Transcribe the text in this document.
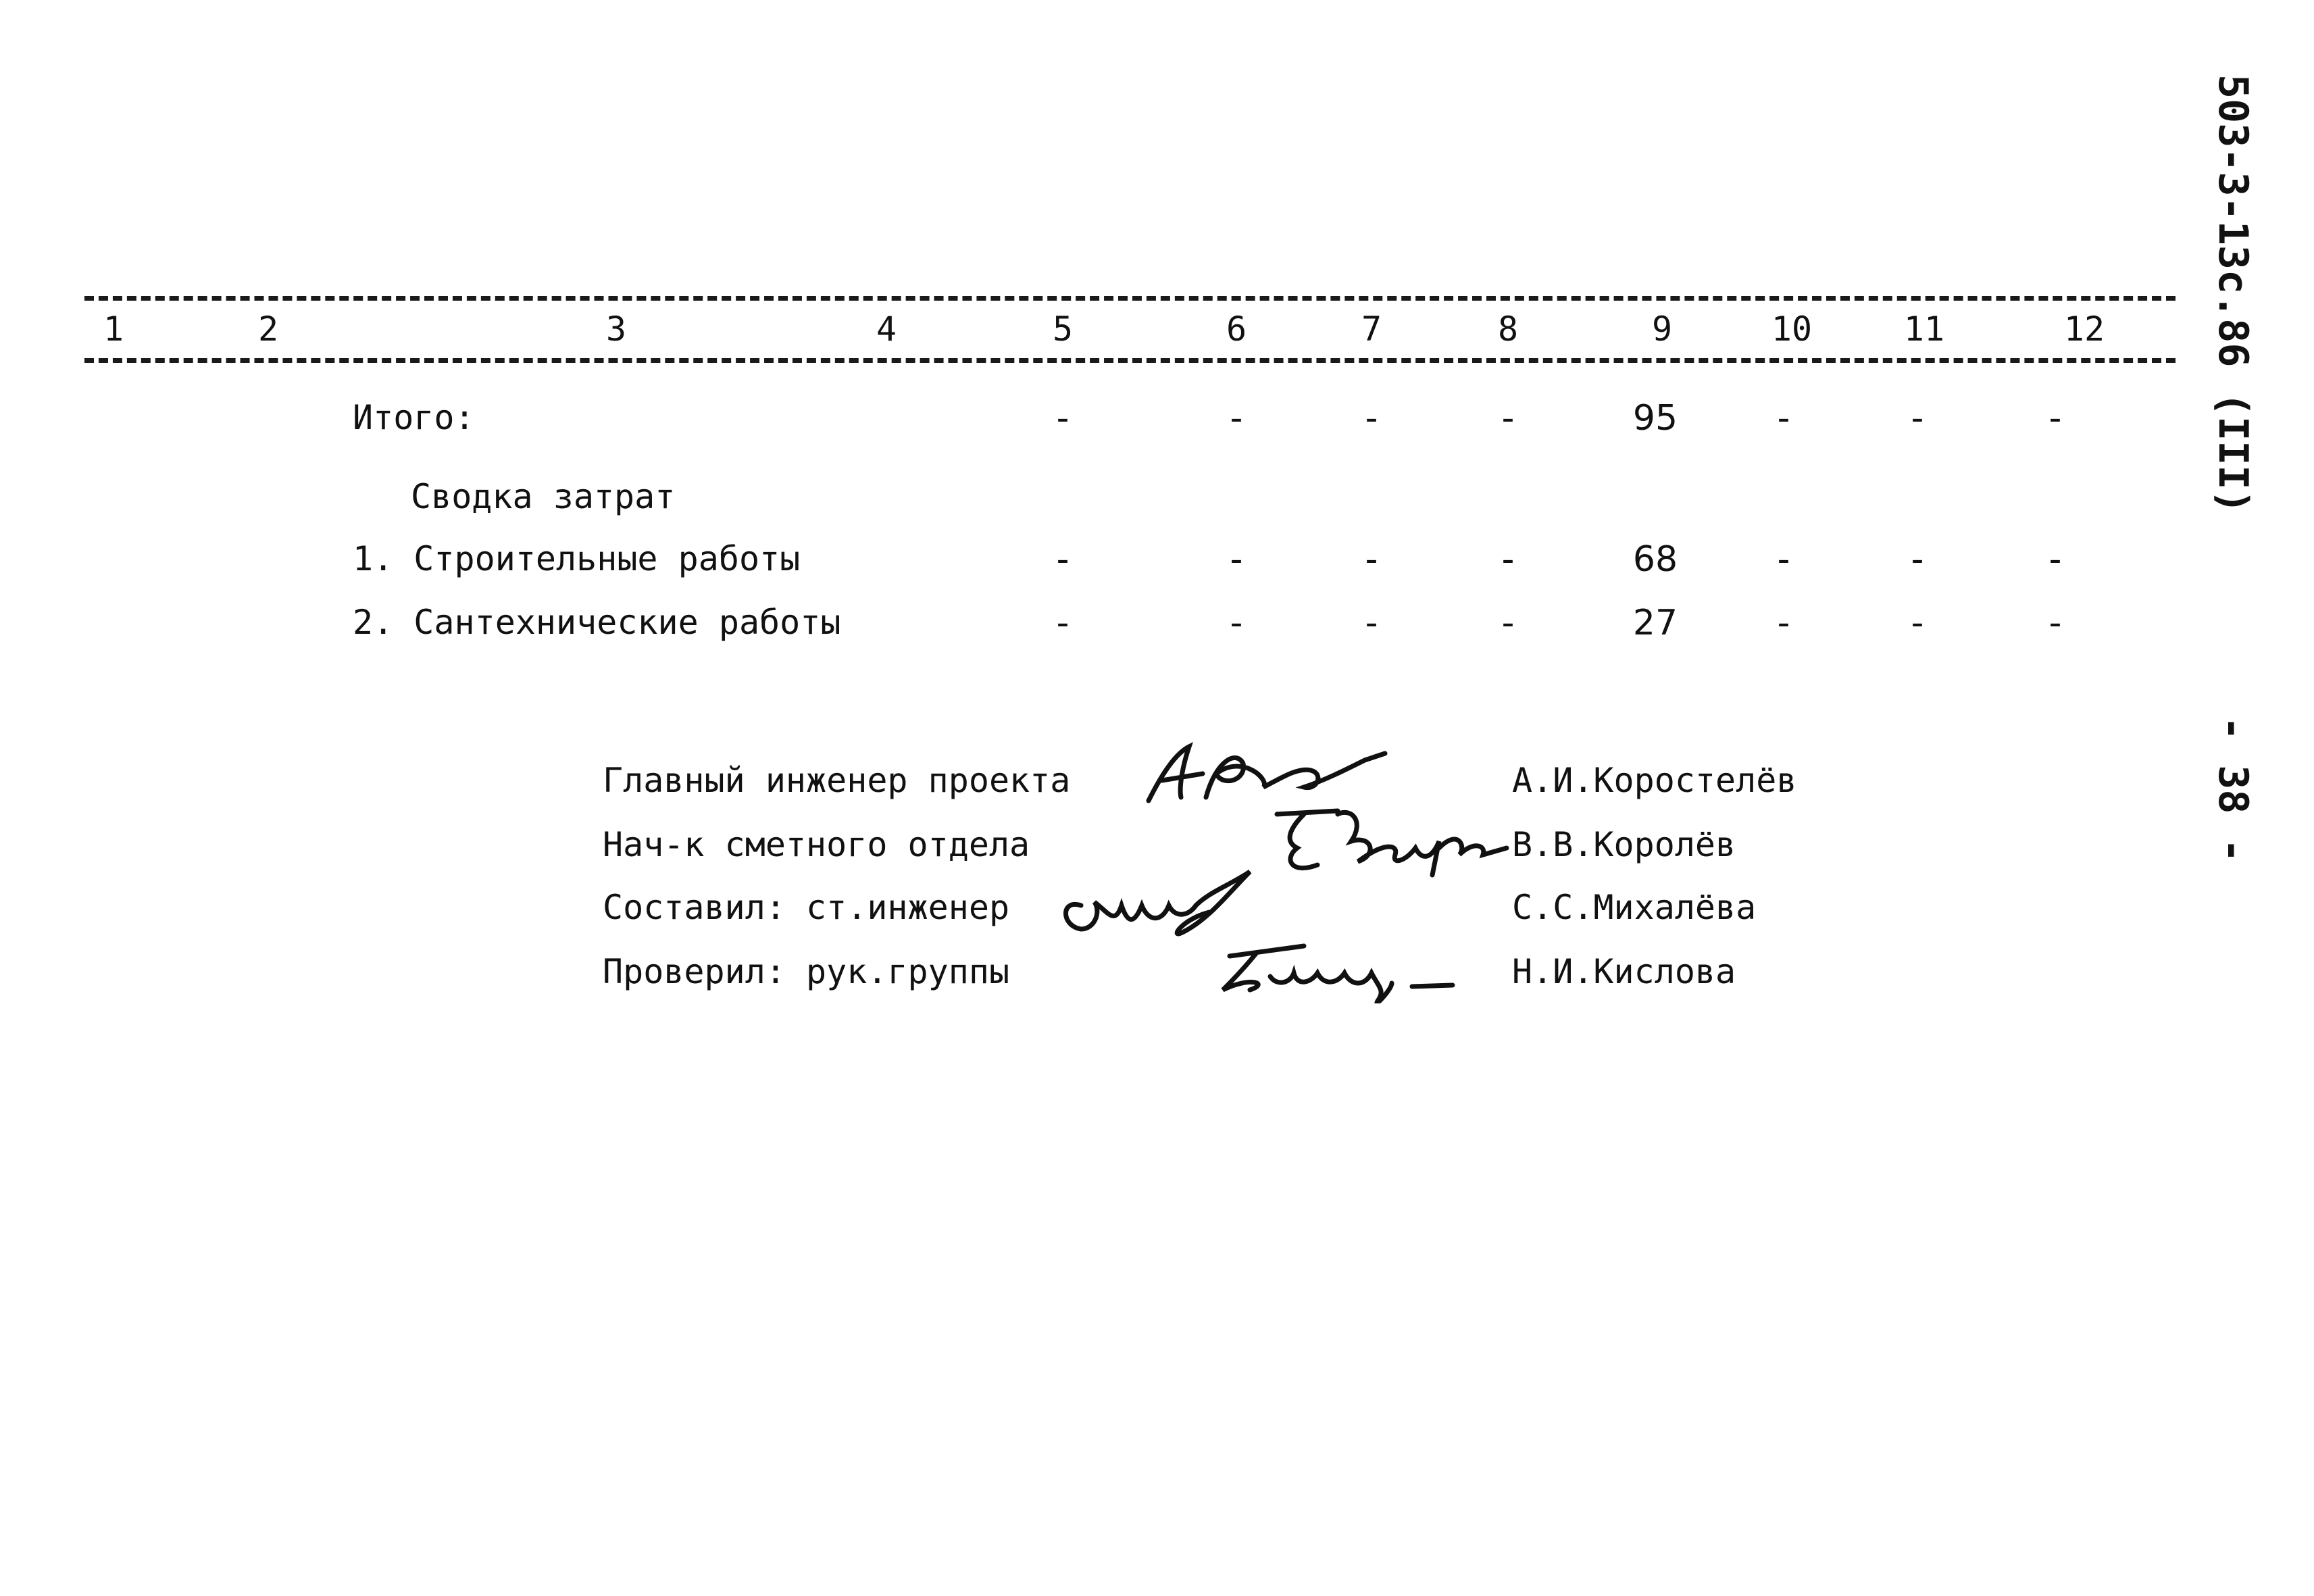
1	2	3	4	5	6	7	8	9	10	11	12
Итого:	-	-	-	-	95	-	-	-
Сводка затрат
1. Строительные работы	-	-	-	-	68	-	-	-
2. Сантехнические работы	-	-	-	-	27	-	-	-
Главный инженер проекта	А.И.Коростелёв
Нач-к сметного отдела	В.В.Королёв
Составил: ст.инженер	С.С.Михалёва
Проверил: рук.группы	Н.И.Кислова
503-3-13с.86
(III)
- 38 -
